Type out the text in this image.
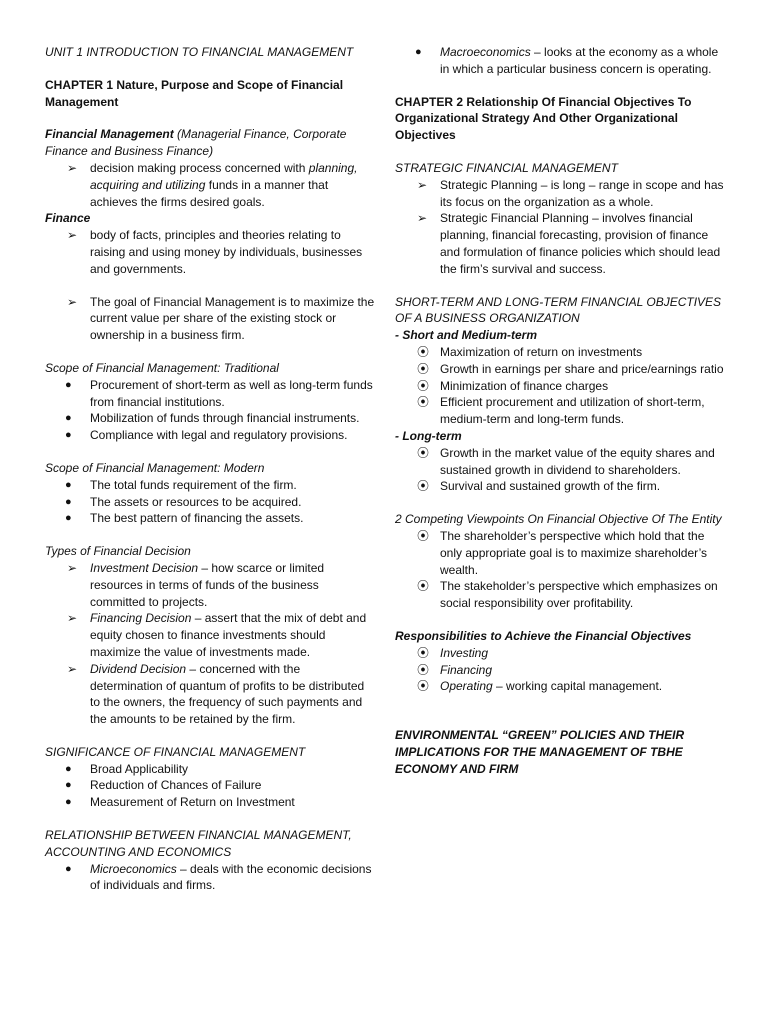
UNIT 1 INTRODUCTION TO FINANCIAL MANAGEMENT

CHAPTER 1 Nature, Purpose and Scope of Financial Management

Financial Management (Managerial Finance, Corporate Finance and Business Finance)

➢ decision making process concerned with planning, acquiring and utilizing funds in a manner that achieves the firms desired goals.

Finance

➢ body of facts, principles and theories relating to raising and using money by individuals, businesses and governments.
➢ The goal of Financial Management is to maximize the current value per share of the existing stock or ownership in a business firm.

Scope of Financial Management: Traditional

● Procurement of short-term as well as long-term funds from financial institutions.
● Mobilization of funds through financial instruments.
● Compliance with legal and regulatory provisions.

Scope of Financial Management: Modern

● The total funds requirement of the firm.
● The assets or resources to be acquired.
● The best pattern of financing the assets.

Types of Financial Decision

➢ Investment Decision – how scarce or limited resources in terms of funds of the business committed to projects.
➢ Financing Decision – assert that the mix of debt and equity chosen to finance investments should maximize the value of investments made.
➢ Dividend Decision – concerned with the determination of quantum of profits to be distributed to the owners, the frequency of such payments and the amounts to be retained by the firm.

SIGNIFICANCE OF FINANCIAL MANAGEMENT

● Broad Applicability
● Reduction of Chances of Failure
● Measurement of Return on Investment

RELATIONSHIP BETWEEN FINANCIAL MANAGEMENT, ACCOUNTING AND ECONOMICS

● Microeconomics – deals with the economic decisions of individuals and firms.
● Macroeconomics – looks at the economy as a whole in which a particular business concern is operating.

CHAPTER 2 Relationship Of Financial Objectives To Organizational Strategy And Other Organizational Objectives

STRATEGIC FINANCIAL MANAGEMENT

➢ Strategic Planning – is long – range in scope and has its focus on the organization as a whole.
➢ Strategic Financial Planning – involves financial planning, financial forecasting, provision of finance and formulation of finance policies which should lead the firm’s survival and success.

SHORT-TERM AND LONG-TERM FINANCIAL OBJECTIVES OF A BUSINESS ORGANIZATION

- Short and Medium-term

⦿ Maximization of return on investments
⦿ Growth in earnings per share and price/earnings ratio
⦿ Minimization of finance charges
⦿ Efficient procurement and utilization of short-term, medium-term and long-term funds.

- Long-term

⦿ Growth in the market value of the equity shares and sustained growth in dividend to shareholders.
⦿ Survival and sustained growth of the firm.

2 Competing Viewpoints On Financial Objective Of The Entity

⦿ The shareholder’s perspective which hold that the only appropriate goal is to maximize shareholder’s wealth.
⦿ The stakeholder’s perspective which emphasizes on social responsibility over profitability.

Responsibilities to Achieve the Financial Objectives

⦿ Investing
⦿ Financing
⦿ Operating – working capital management.

ENVIRONMENTAL “GREEN” POLICIES AND THEIR IMPLICATIONS FOR THE MANAGEMENT OF TBHE ECONOMY AND FIRM
